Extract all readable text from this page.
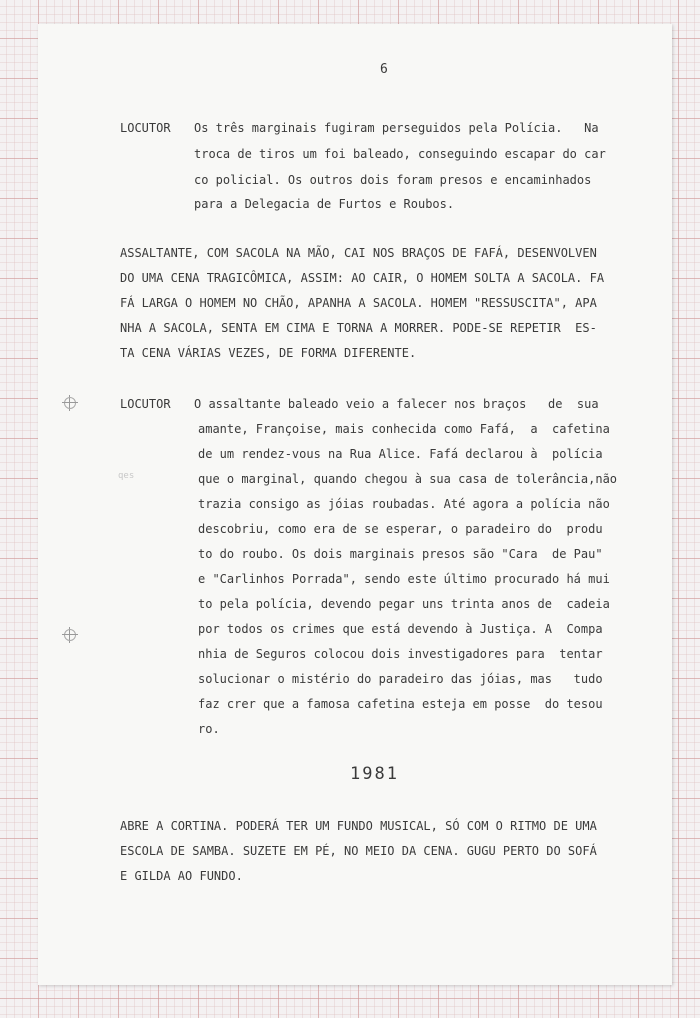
6
LOCUTOR Os três marginais fugiram perseguidos pela Polícia.   Na
troca de tiros um foi baleado, conseguindo escapar do car
co policial. Os outros dois foram presos e encaminhados
para a Delegacia de Furtos e Roubos.
ASSALTANTE, COM SACOLA NA MÃO, CAI NOS BRAÇOS DE FAFÁ, DESENVOLVEN
DO UMA CENA TRAGICÔMICA, ASSIM: AO CAIR, O HOMEM SOLTA A SACOLA. FA
FÁ LARGA O HOMEM NO CHÃO, APANHA A SACOLA. HOMEM "RESSUSCITA", APA
NHA A SACOLA, SENTA EM CIMA E TORNA A MORRER. PODE-SE REPETIR  ES-
TA CENA VÁRIAS VEZES, DE FORMA DIFERENTE.
LOCUTOR O assaltante baleado veio a falecer nos braços   de  sua
amante, Françoise, mais conhecida como Fafá,  a  cafetina
de um rendez-vous na Rua Alice. Fafá declarou à  polícia
que o marginal, quando chegou à sua casa de tolerância,não
trazia consigo as jóias roubadas. Até agora a polícia não
descobriu, como era de se esperar, o paradeiro do  produ
to do roubo. Os dois marginais presos são "Cara  de Pau"
e "Carlinhos Porrada", sendo este último procurado há mui
to pela polícia, devendo pegar uns trinta anos de  cadeia
por todos os crimes que está devendo à Justiça. A  Compa
nhia de Seguros colocou dois investigadores para  tentar
solucionar o mistério do paradeiro das jóias, mas   tudo
faz crer que a famosa cafetina esteja em posse  do tesou
ro.
1981
ABRE A CORTINA. PODERÁ TER UM FUNDO MUSICAL, SÓ COM O RITMO DE UMA
ESCOLA DE SAMBA. SUZETE EM PÉ, NO MEIO DA CENA. GUGU PERTO DO SOFÁ
E GILDA AO FUNDO.
qes
